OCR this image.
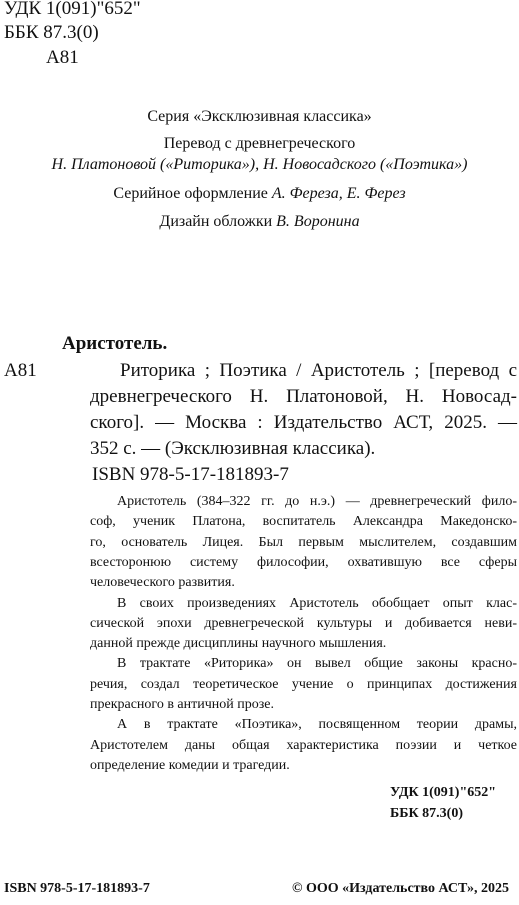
УДК 1(091)"652"
ББК 87.3(0)
А81
Серия «Эксклюзивная классика»
Перевод с древнегреческого
Н. Платоновой («Риторика»), Н. Новосадского («Поэтика»)
Серийное оформление А. Фереза, Е. Ферез
Дизайн обложки В. Воронина
Аристотель.
А81	Риторика ; Поэтика / Аристотель ; [перевод с
древнегреческого Н. Платоновой, Н. Новосад-
ского]. — Москва : Издательство АСТ, 2025. —
352 с. — (Эксклюзивная классика).
ISBN 978-5-17-181893-7
Аристотель (384–322 гг. до н.э.) — древнегреческий фило-
соф, ученик Платона, воспитатель Александра Македонско-
го, основатель Лицея. Был первым мыслителем, создавшим
всесторонюю систему философии, охватившую все сферы
человеческого развития.
В своих произведениях Аристотель обобщает опыт клас-
сической эпохи древнегреческой культуры и добивается неви-
данной прежде дисциплины научного мышления.
В трактате «Риторика» он вывел общие законы красно-
речия, создал теоретическое учение о принципах достижения
прекрасного в античной прозе.
А в трактате «Поэтика», посвященном теории драмы,
Аристотелем даны общая характеристика поэзии и четкое
определение комедии и трагедии.
УДК 1(091)"652"
ББК 87.3(0)
ISBN 978-5-17-181893-7	© ООО «Издательство АСТ», 2025
